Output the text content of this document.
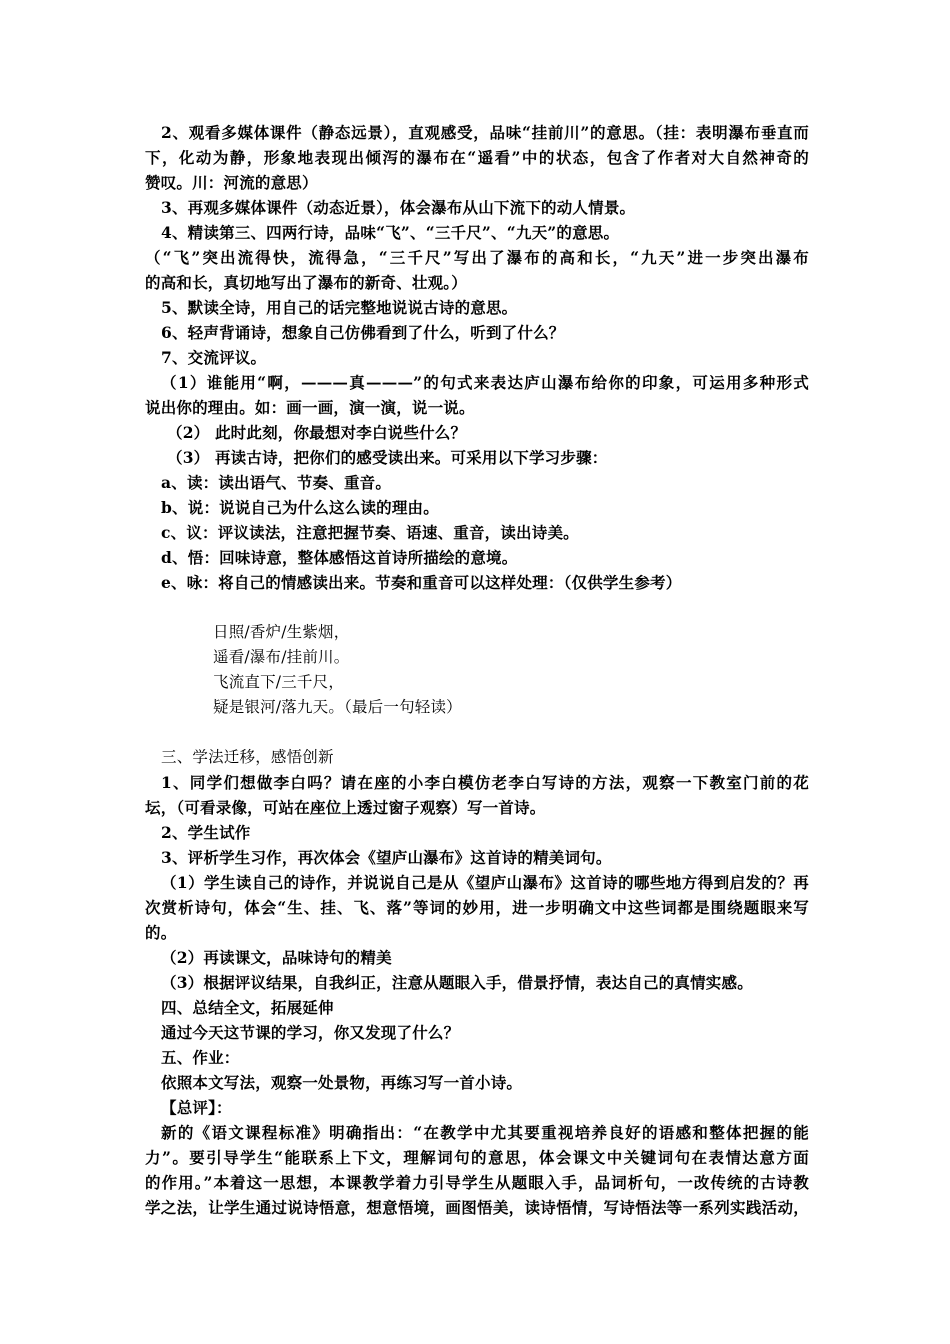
2、观看多媒体课件（静态远景），直观感受，品味“挂前川”的意思。（挂：表明瀑布垂直而
下，化动为静，形象地表现出倾泻的瀑布在“遥看”中的状态，包含了作者对大自然神奇的
赞叹。川：河流的意思）
3、再观多媒体课件（动态近景），体会瀑布从山下流下的动人情景。
4、精读第三、四两行诗，品味“飞”、“三千尺”、“九天”的意思。
（“飞”突出流得快，流得急，“三千尺”写出了瀑布的高和长，“九天”进一步突出瀑布
的高和长，真切地写出了瀑布的新奇、壮观。）
5、默读全诗，用自己的话完整地说说古诗的意思。
6、轻声背诵诗，想象自己仿佛看到了什么，听到了什么？
7、交流评议。
（1）谁能用“啊，———真———”的句式来表达庐山瀑布给你的印象，可运用多种形式
说出你的理由。如：画一画，演一演，说一说。
（2） 此时此刻，你最想对李白说些什么？
（3） 再读古诗，把你们的感受读出来。可采用以下学习步骤：
a、读：读出语气、节奏、重音。
b、说：说说自己为什么这么读的理由。
c、议：评议读法，注意把握节奏、语速、重音，读出诗美。
d、悟：回味诗意，整体感悟这首诗所描绘的意境。
e、咏：将自己的情感读出来。节奏和重音可以这样处理：（仅供学生参考）
日照/香炉/生紫烟，
遥看/瀑布/挂前川。
飞流直下/三千尺，
疑是银河/落九天。（最后一句轻读）
三、学法迁移，感悟创新
1、同学们想做李白吗？请在座的小李白模仿老李白写诗的方法，观察一下教室门前的花
坛，（可看录像，可站在座位上透过窗子观察）写一首诗。
2、学生试作
3、评析学生习作，再次体会《望庐山瀑布》这首诗的精美词句。
（1）学生读自己的诗作，并说说自己是从《望庐山瀑布》这首诗的哪些地方得到启发的？再
次赏析诗句，体会“生、挂、飞、落”等词的妙用，进一步明确文中这些词都是围绕题眼来写
的。
（2）再读课文，品味诗句的精美
（3）根据评议结果，自我纠正，注意从题眼入手，借景抒情，表达自己的真情实感。
四、总结全文，拓展延伸
通过今天这节课的学习，你又发现了什么？
五、作业：
依照本文写法，观察一处景物，再练习写一首小诗。
【总评】：
新的《语文课程标准》明确指出：“在教学中尤其要重视培养良好的语感和整体把握的能
力”。要引导学生“能联系上下文，理解词句的意思，体会课文中关键词句在表情达意方面
的作用。”本着这一思想，本课教学着力引导学生从题眼入手，品词析句，一改传统的古诗教
学之法，让学生通过说诗悟意，想意悟境，画图悟美，读诗悟情，写诗悟法等一系列实践活动，
